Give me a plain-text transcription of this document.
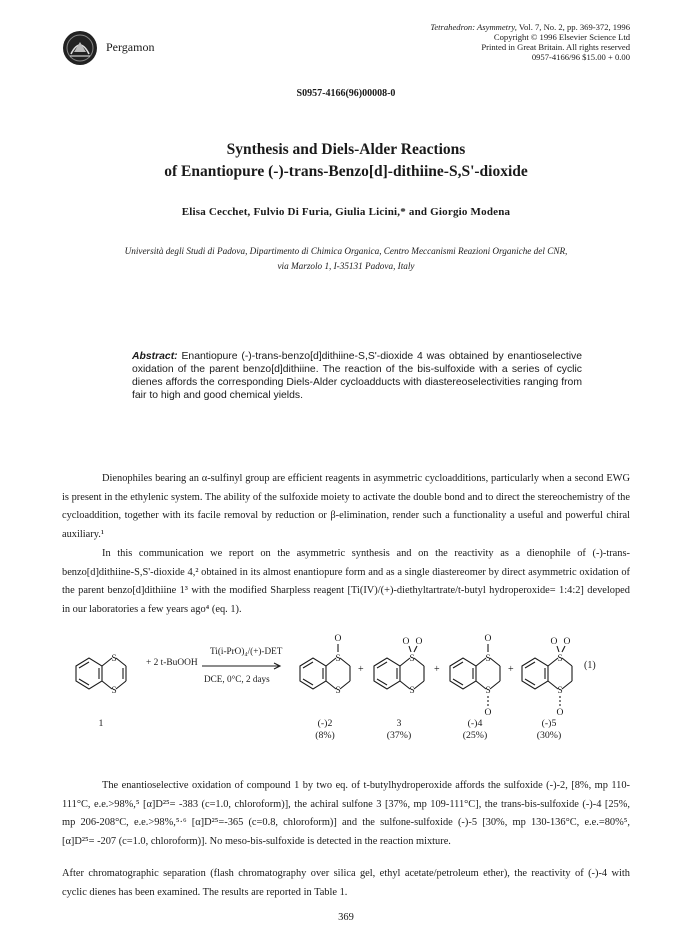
Pergamon
Tetrahedron: Asymmetry, Vol. 7, No. 2, pp. 369-372, 1996
Copyright © 1996 Elsevier Science Ltd
Printed in Great Britain. All rights reserved
0957-4166/96 $15.00 + 0.00
S0957-4166(96)00008-0
Synthesis and Diels-Alder Reactions
of Enantiopure (-)-trans-Benzo[d]-dithiine-S,S'-dioxide
Elisa Cecchet, Fulvio Di Furia, Giulia Licini,* and Giorgio Modena
Università degli Studi di Padova, Dipartimento di Chimica Organica, Centro Meccanismi Reazioni Organiche del CNR,
via Marzolo 1, I-35131 Padova, Italy
Abstract: Enantiopure (-)-trans-benzo[d]dithiine-S,S'-dioxide 4 was obtained by enantioselective oxidation of the parent benzo[d]dithiine. The reaction of the bis-sulfoxide with a series of cyclic dienes affords the corresponding Diels-Alder cycloadducts with diastereoselectivities ranging from fair to high and good chemical yields.
Dienophiles bearing an α-sulfinyl group are efficient reagents in asymmetric cycloadditions, particularly when a second EWG is present in the ethylenic system. The ability of the sulfoxide moiety to activate the double bond and to direct the stereochemistry of the cycloaddition, together with its facile removal by reduction or β-elimination, render such a functionality a useful and powerful chiral auxiliary.¹
In this communication we report on the asymmetric synthesis and on the reactivity as a dienophile of (-)-trans-benzo[d]dithiine-S,S'-dioxide 4,² obtained in its almost enantiopure form and as a single diastereomer by direct asymmetric oxidation of the parent benzo[d]dithiine 1³ with the modified Sharpless reagent [Ti(IV)/(+)-diethyltartrate/t-butyl hydroperoxide= 1:4:2] developed in our laboratories a few years ago⁴ (eq. 1).
S
S
S
S
O
S
S
O O
S
S
O
O
S
S
O O
O
+ 2 t-BuOOH
Ti(i-PrO)₄/(+)-DET
DCE, 0°C, 2 days
+	+	+	(1)
1	(-)2
(8%)
3
(37%)
(-)4
(25%)
(-)5
(30%)
The enantioselective oxidation of compound 1 by two eq. of t-butylhydroperoxide affords the sulfoxide (-)-2, [8%, mp 110-111°C, e.e.>98%,⁵ [α]D²⁵= -383 (c=1.0, chloroform)], the achiral sulfone 3 [37%, mp 109-111°C], the trans-bis-sulfoxide (-)-4 [25%, mp 206-208°C, e.e.>98%,⁵·⁶ [α]D²⁵=-365 (c=0.8, chloroform)] and the sulfone-sulfoxide (-)-5 [30%, mp 130-136°C, e.e.=80%⁵, [α]D²⁵= -207 (c=1.0, chloroform)]. No meso-bis-sulfoxide is detected in the reaction mixture.
After chromatographic separation (flash chromatography over silica gel, ethyl acetate/petroleum ether), the reactivity of (-)-4 with cyclic dienes has been examined. The results are reported in Table 1.
369
